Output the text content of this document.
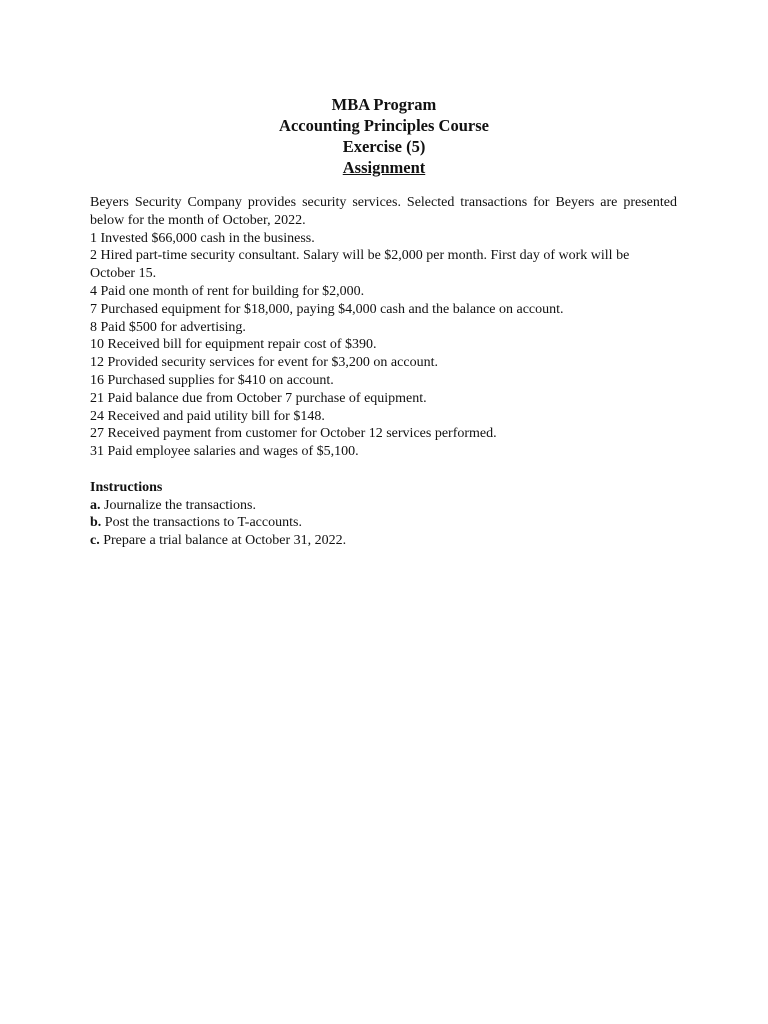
MBA Program
Accounting Principles Course
Exercise (5)
Assignment

Beyers Security Company provides security services. Selected transactions for Beyers are presented below for the month of October, 2022.

1 Invested $66,000 cash in the business.
2 Hired part-time security consultant. Salary will be $2,000 per month. First day of work will be October 15.
4 Paid one month of rent for building for $2,000.
7 Purchased equipment for $18,000, paying $4,000 cash and the balance on account.
8 Paid $500 for advertising.
10 Received bill for equipment repair cost of $390.
12 Provided security services for event for $3,200 on account.
16 Purchased supplies for $410 on account.
21 Paid balance due from October 7 purchase of equipment.
24 Received and paid utility bill for $148.
27 Received payment from customer for October 12 services performed.
31 Paid employee salaries and wages of $5,100.
Instructions
a. Journalize the transactions.
b. Post the transactions to T-accounts.
c. Prepare a trial balance at October 31, 2022.
